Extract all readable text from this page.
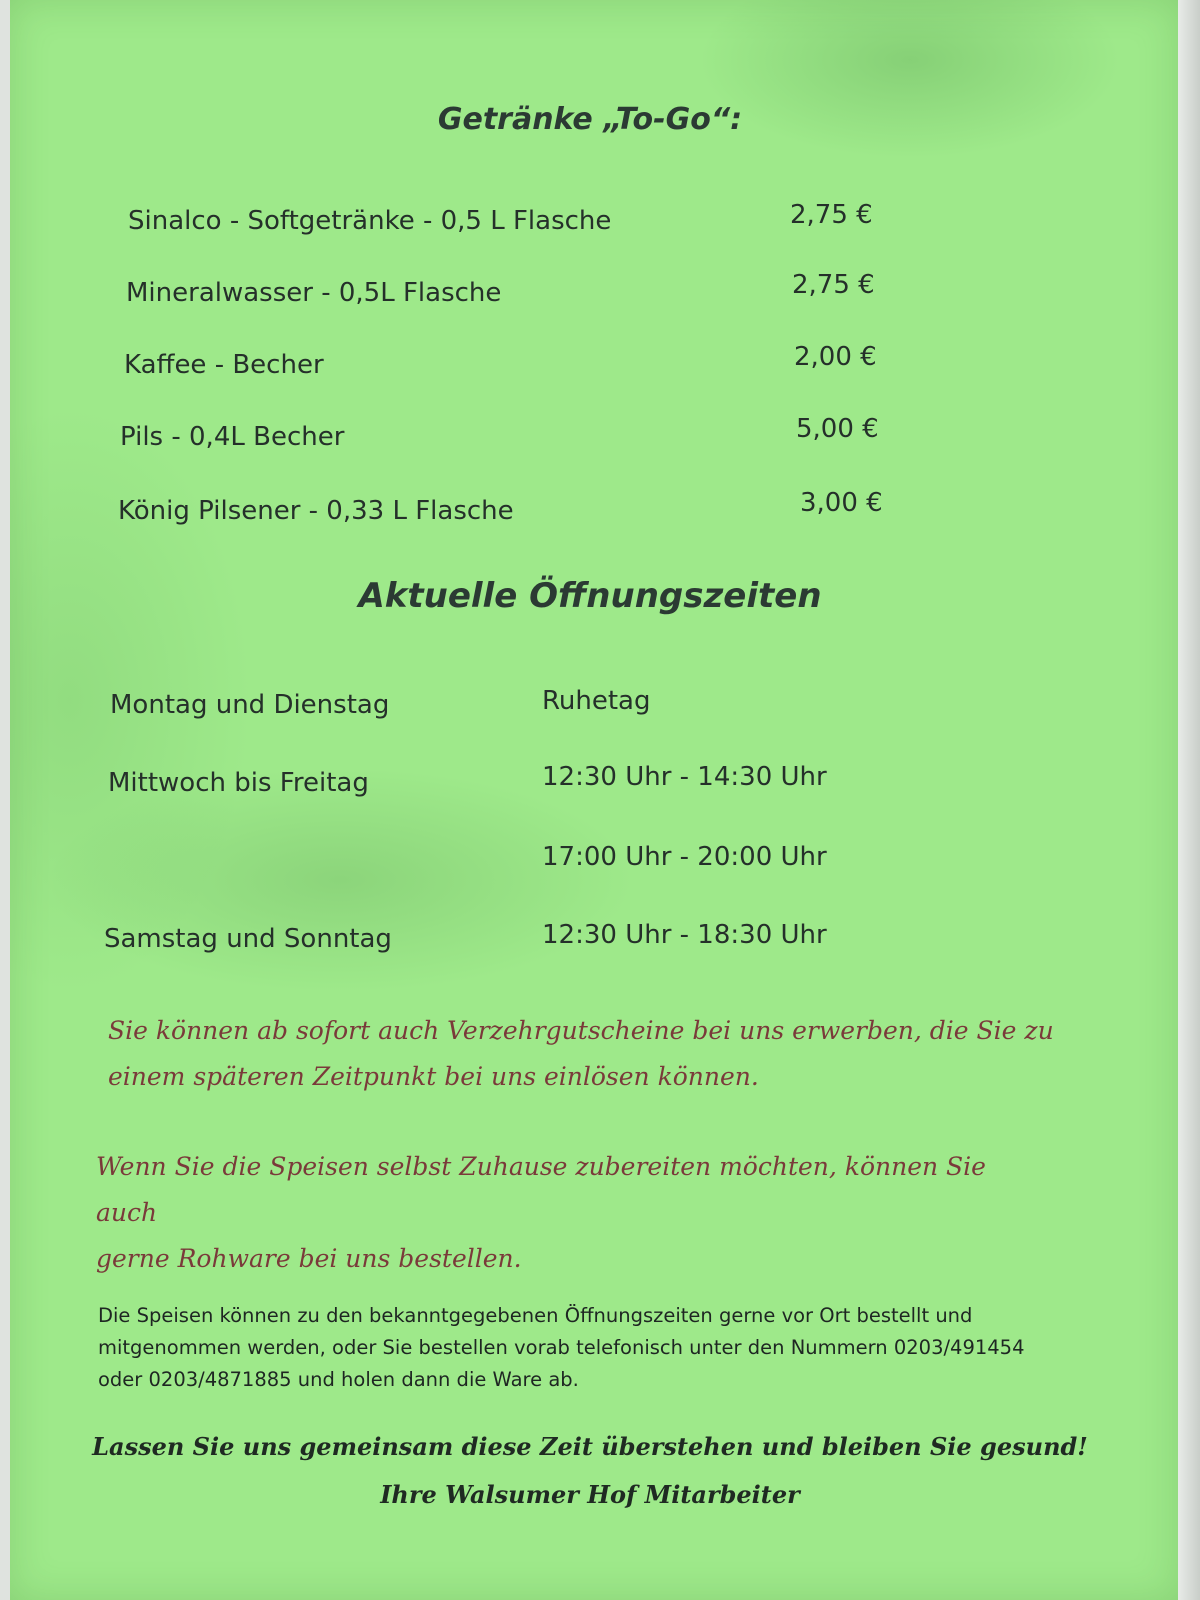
Getränke „To-Go“:
Sinalco - Softgetränke - 0,5 L Flasche	2,75 €
Mineralwasser - 0,5L Flasche	2,75 €
Kaffee - Becher	2,00 €
Pils - 0,4L Becher	5,00 €
König Pilsener - 0,33 L Flasche	3,00 €
Aktuelle Öffnungszeiten
Montag und Dienstag	Ruhetag
Mittwoch bis Freitag	12:30 Uhr - 14:30 Uhr
17:00 Uhr - 20:00 Uhr
Samstag und Sonntag	12:30 Uhr - 18:30 Uhr
Sie können ab sofort auch Verzehrgutscheine bei uns erwerben, die Sie zu
einem späteren Zeitpunkt bei uns einlösen können.
Wenn Sie die Speisen selbst Zuhause zubereiten möchten, können Sie auch
gerne Rohware bei uns bestellen.
Die Speisen können zu den bekanntgegebenen Öffnungszeiten gerne vor Ort bestellt und
mitgenommen werden, oder Sie bestellen vorab telefonisch unter den Nummern 0203/491454
oder 0203/4871885 und holen dann die Ware ab.
Lassen Sie uns gemeinsam diese Zeit überstehen und bleiben Sie gesund!
Ihre Walsumer Hof Mitarbeiter
